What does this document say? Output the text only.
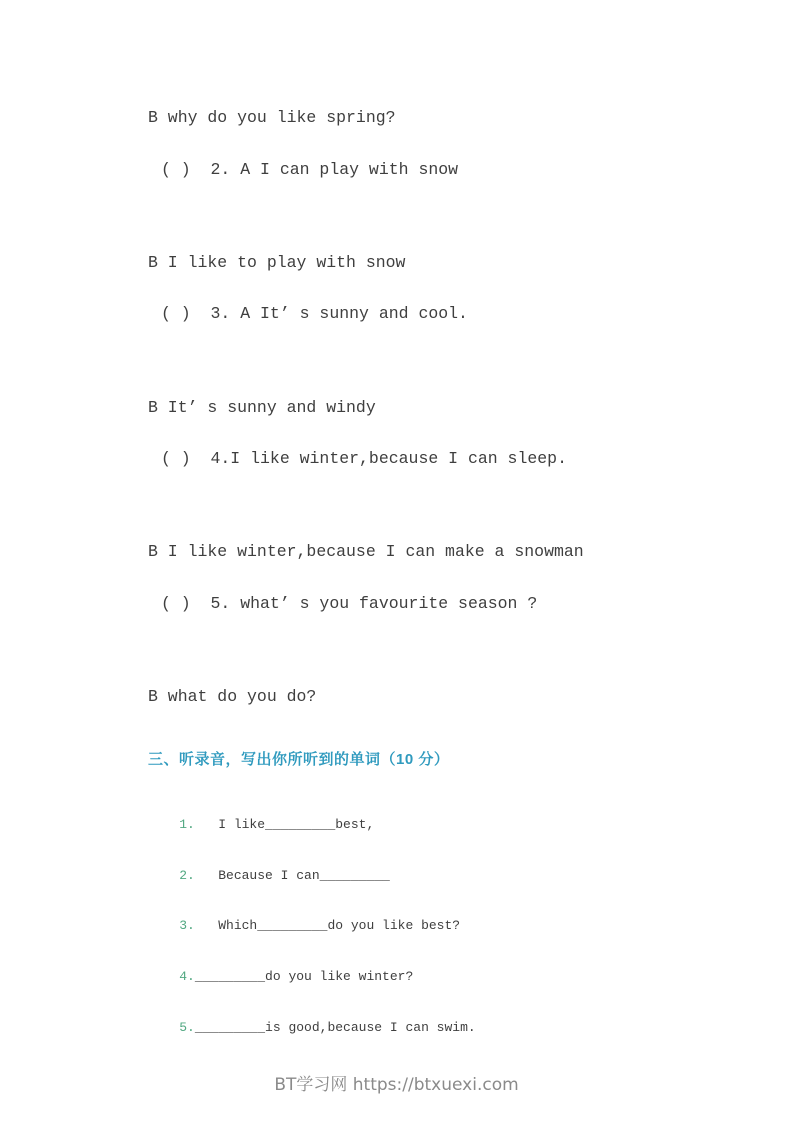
B why do you like spring?
( )  2. A I can play with snow
B I like to play with snow
( )  3. A It’ s sunny and cool.
B It’ s sunny and windy
( )  4.I like winter,because I can sleep.
B I like winter,because I can make a snowman
( )  5. what’ s you favourite season ?
B what do you do?
三、听录音，写出你所听到的单词（10 分）

1.   I like_________best,

2.   Because I can_________

3.   Which_________do you like best?

4._________do you like winter?

5._________is good,because I can swim.

BT学习网 https://btxuexi.com
